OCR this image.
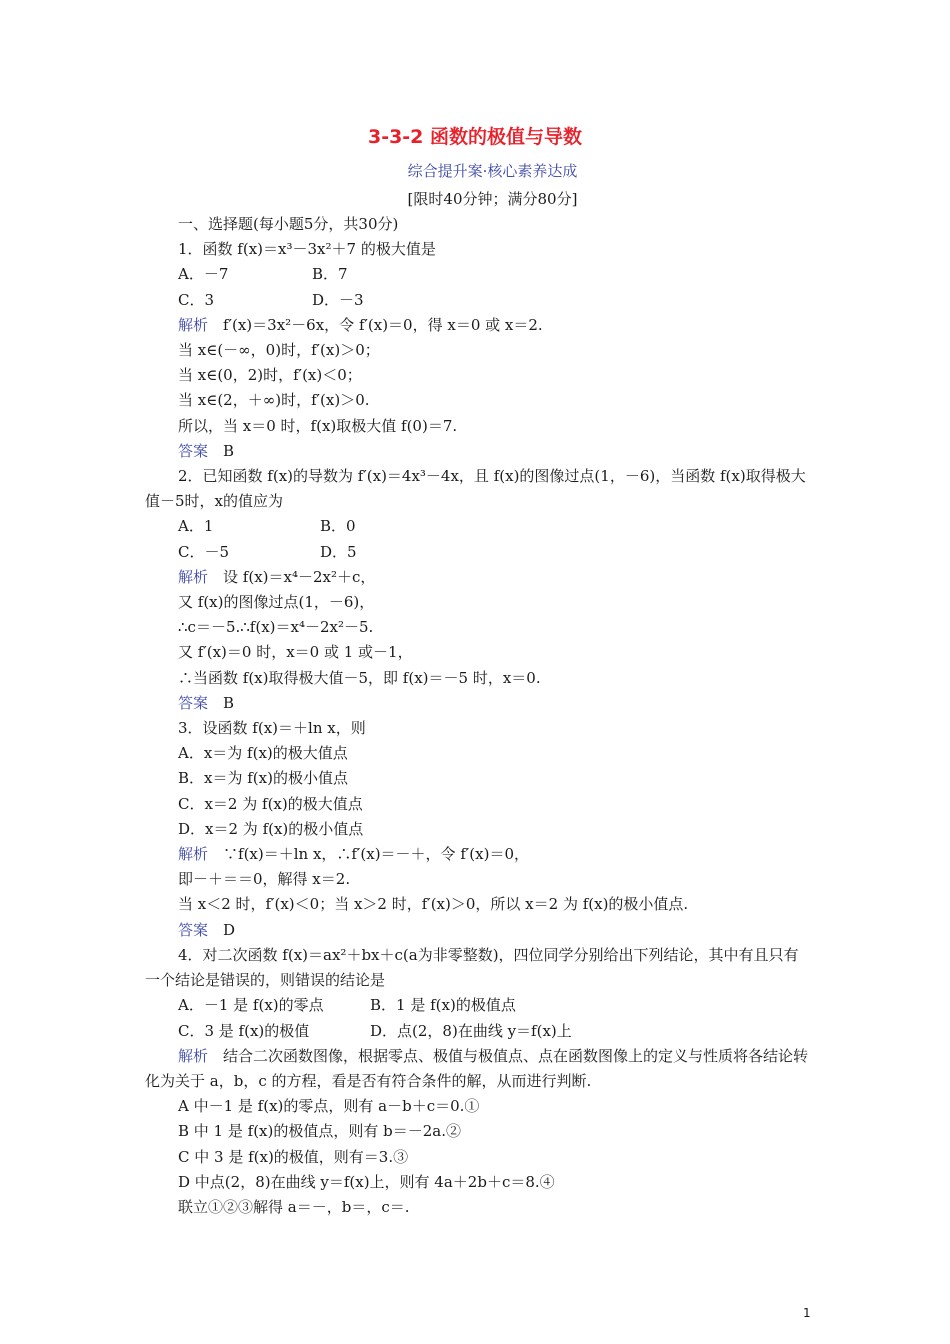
3-3-2 函数的极值与导数
综合提升案·核心素养达成
[限时40分钟；满分80分]

一、选择题(每小题5分，共30分)

1．函数 f(x)＝x³－3x²＋7 的极大值是

A．－7	B．7

C．3	D．－3

解析　 f′(x)＝3x²－6x，令 f′(x)＝0，得 x＝0 或 x＝2.

当 x∈(－∞，0)时，f′(x)＞0；

当 x∈(0，2)时，f′(x)＜0；

当 x∈(2，＋∞)时，f′(x)＞0.

所以，当 x＝0 时，f(x)取极大值 f(0)＝7.

答案　 B

2．已知函数 f(x)的导数为 f′(x)＝4x³－4x，且 f(x)的图像过点(1，－6)，当函数 f(x)取得极大值－5时，x的值应为

A．1	B．0

C．－5	D．5

解析　 设 f(x)＝x⁴－2x²＋c，

又 f(x)的图像过点(1，－6)，

∴c＝－5.∴f(x)＝x⁴－2x²－5.

又 f′(x)＝0 时，x＝0 或 1 或－1，

∴当函数 f(x)取得极大值－5，即 f(x)＝－5 时，x＝0.

答案　 B

3．设函数 f(x)＝＋ln x，则

A．x＝为 f(x)的极大值点

B．x＝为 f(x)的极小值点

C．x＝2 为 f(x)的极大值点

D．x＝2 为 f(x)的极小值点

解析　 ∵f(x)＝＋ln x，∴f′(x)＝－＋，令 f′(x)＝0，

即－＋＝＝0，解得 x＝2.

当 x＜2 时，f′(x)＜0；当 x＞2 时，f′(x)＞0，所以 x＝2 为 f(x)的极小值点.

答案　 D

4．对二次函数 f(x)＝ax²＋bx＋c(a为非零整数)，四位同学分别给出下列结论，其中有且只有一个结论是错误的，则错误的结论是

A．－1 是 f(x)的零点	B．1 是 f(x)的极值点

C．3 是 f(x)的极值	D．点(2，8)在曲线 y＝f(x)上

解析　 结合二次函数图像，根据零点、极值与极值点、点在函数图像上的定义与性质将各结论转化为关于 a，b，c 的方程，看是否有符合条件的解，从而进行判断.

A 中－1 是 f(x)的零点，则有 a－b＋c＝0.①

B 中 1 是 f(x)的极值点，则有 b＝－2a.②

C 中 3 是 f(x)的极值，则有＝3.③

D 中点(2，8)在曲线 y＝f(x)上，则有 4a＋2b＋c＝8.④

联立①②③解得 a＝－，b＝，c＝.

1
